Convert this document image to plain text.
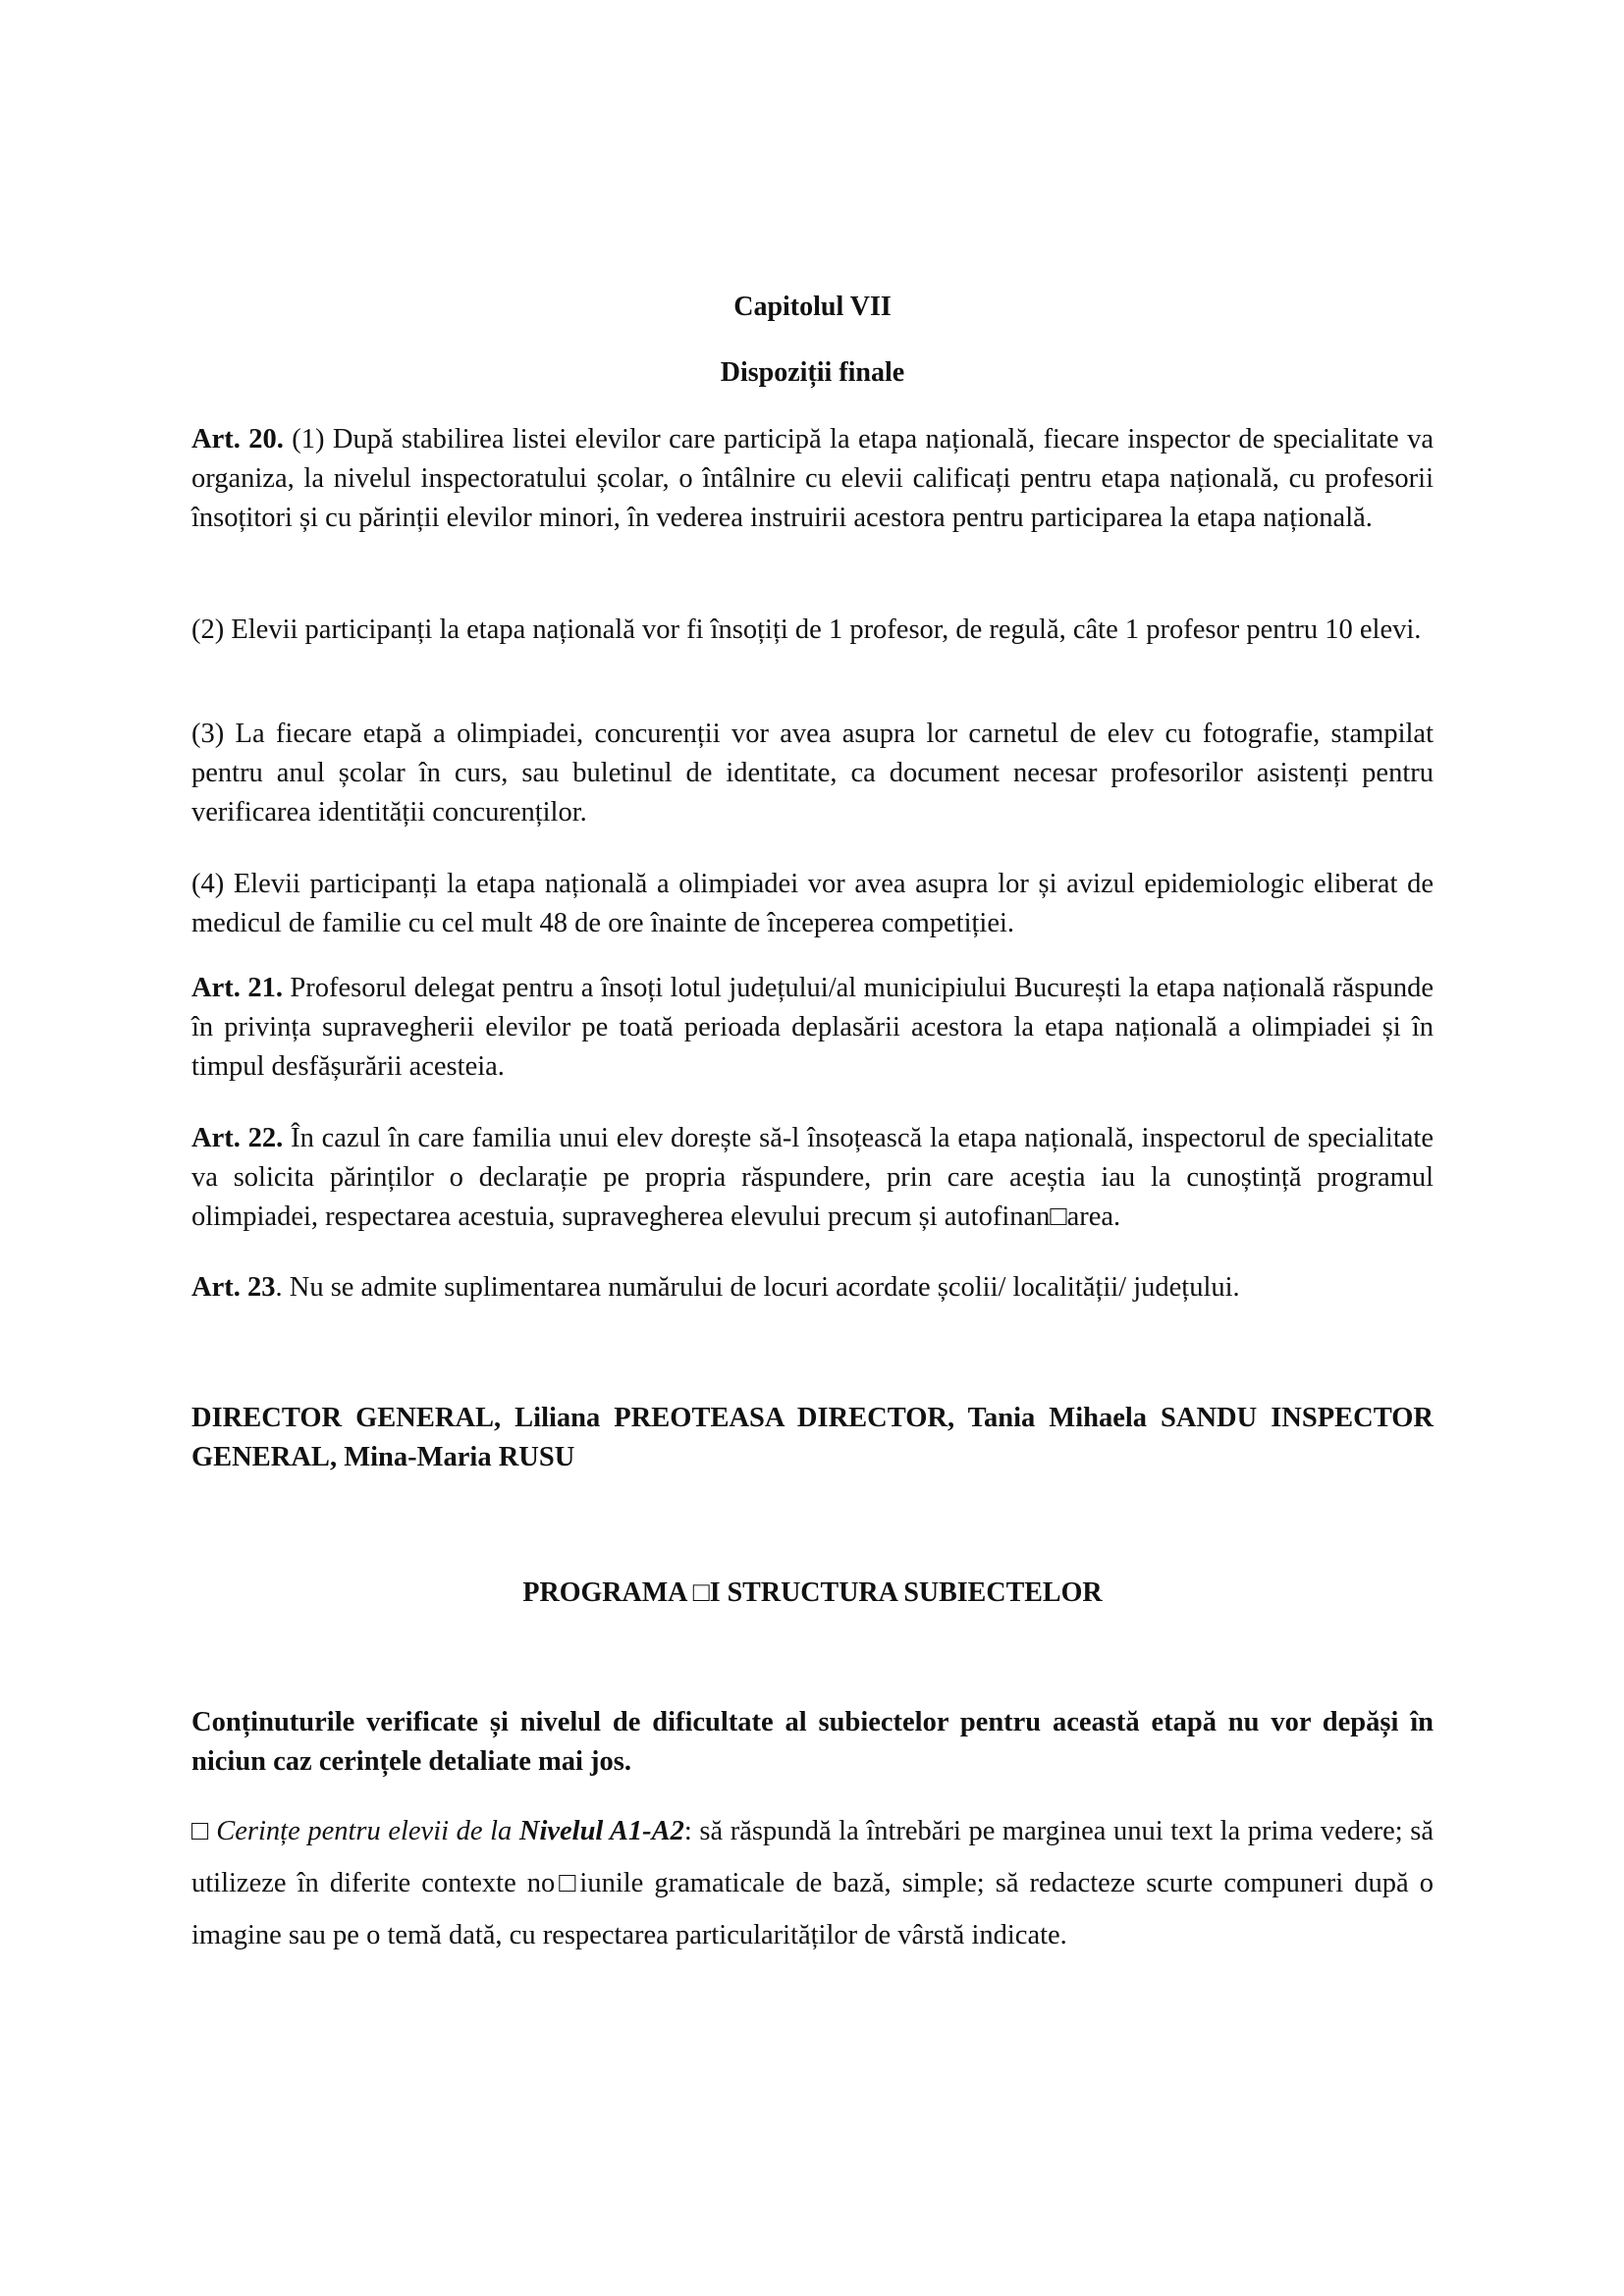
Capitolul VII
Dispoziții finale

Art. 20. (1) După stabilirea listei elevilor care participă la etapa națională, fiecare inspector de specialitate va organiza, la nivelul inspectoratului școlar, o întâlnire cu elevii calificați pentru etapa națională, cu profesorii însoțitori și cu părinții elevilor minori, în vederea instruirii acestora pentru participarea la etapa națională.

(2) Elevii participanți la etapa națională vor fi însoțiți de 1 profesor, de regulă, câte 1 profesor pentru 10 elevi.

(3) La fiecare etapă a olimpiadei, concurenții vor avea asupra lor carnetul de elev cu fotografie, stampilat pentru anul școlar în curs, sau buletinul de identitate, ca document necesar profesorilor asistenți pentru verificarea identității concurenților.

(4) Elevii participanți la etapa națională a olimpiadei vor avea asupra lor și avizul epidemiologic eliberat de medicul de familie cu cel mult 48 de ore înainte de începerea competiției.

Art. 21. Profesorul delegat pentru a însoți lotul județului/al municipiului București la etapa națională răspunde în privința supravegherii elevilor pe toată perioada deplasării acestora la etapa națională a olimpiadei și în timpul desfășurării acesteia.

Art. 22. În cazul în care familia unui elev dorește să-l însoțească la etapa națională, inspectorul de specialitate va solicita părinților o declarație pe propria răspundere, prin care aceștia iau la cunoștință programul olimpiadei, respectarea acestuia, supravegherea elevului precum și autofinan□area.

Art. 23. Nu se admite suplimentarea numărului de locuri acordate școlii/ localității/ județului.

DIRECTOR GENERAL, Liliana PREOTEASA DIRECTOR, Tania Mihaela SANDU INSPECTOR GENERAL, Mina-Maria RUSU

PROGRAMA □I STRUCTURA SUBIECTELOR

Conținuturile verificate și nivelul de dificultate al subiectelor pentru această etapă nu vor depăși în niciun caz cerințele detaliate mai jos.

□ Cerințe pentru elevii de la Nivelul A1-A2: să răspundă la întrebări pe marginea unui text la prima vedere; să utilizeze în diferite contexte no□iunile gramaticale de bază, simple; să redacteze scurte compuneri după o imagine sau pe o temă dată, cu respectarea particularităților de vârstă indicate.
